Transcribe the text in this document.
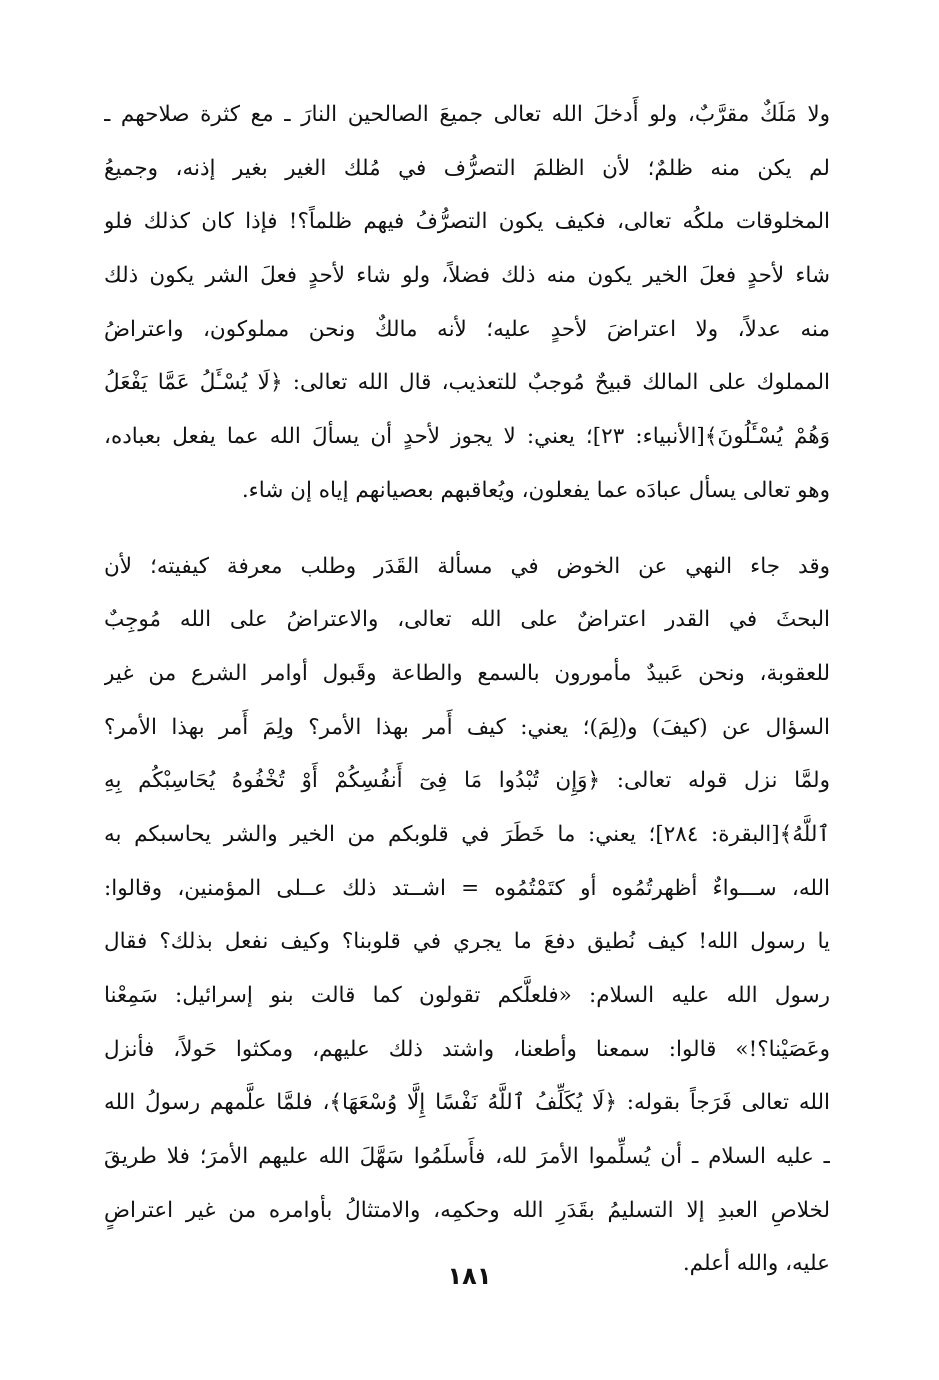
ولا مَلَكٌ مقرَّبٌ، ولو أَدخلَ الله تعالى جميعَ الصالحين النارَ ـ مع كثرة صلاحهم ـ
لم يكن منه ظلمٌ؛ لأن الظلمَ التصرُّف في مُلك الغير بغير إذنه، وجميعُ
المخلوقات ملكُه تعالى، فكيف يكون التصرُّفُ فيهم ظلماً؟! فإذا كان كذلك فلو
شاء لأحدٍ فعلَ الخير يكون منه ذلك فضلاً، ولو شاء لأحدٍ فعلَ الشر يكون ذلك
منه عدلاً، ولا اعتراضَ لأحدٍ عليه؛ لأنه مالكٌ ونحن مملوكون، واعتراضُ
المملوك على المالك قبيحٌ مُوجبٌ للتعذيب، قال الله تعالى: ﴿لَا يُسْـَٔلُ عَمَّا يَفْعَلُ
وَهُمْ يُسْـَٔلُونَ﴾[الأنبياء: ٢٣]؛ يعني: لا يجوز لأحدٍ أن يسألَ الله عما يفعل بعباده،
وهو تعالى يسأل عبادَه عما يفعلون، ويُعاقبهم بعصيانهم إياه إن شاء.
وقد جاء النهي عن الخوض في مسألة القَدَر وطلب معرفة كيفيته؛ لأن
البحثَ في القدر اعتراضٌ على الله تعالى، والاعتراضُ على الله مُوجِبٌ
للعقوبة، ونحن عَبيدٌ مأمورون بالسمع والطاعة وقَبول أوامر الشرع من غير
السؤال عن (كيفَ) و(لِمَ)؛ يعني: كيف أَمر بهذا الأمر؟ ولِمَ أَمر بهذا الأمر؟
ولمَّا نزل قوله تعالى: ﴿وَإِن تُبْدُوا مَا فِىٓ أَنفُسِكُمْ أَوْ تُخْفُوهُ يُحَاسِبْكُم بِهِ
ٱللَّهُ﴾[البقرة: ٢٨٤]؛ يعني: ما خَطَرَ في قلوبكم من الخير والشر يحاسبكم به
الله، ســـواءٌ أظهرتُمُوه أو كتَمْتُمُوه = اشــتد ذلك عــلى المؤمنين، وقالوا:
يا رسول الله! كيف نُطيق دفعَ ما يجري في قلوبنا؟ وكيف نفعل بذلك؟ فقال
رسول الله عليه السلام: «فلعلَّكم تقولون كما قالت بنو إسرائيل: سَمِعْنا
وعَصَيْنا؟!» قالوا: سمعنا وأطعنا، واشتد ذلك عليهم، ومكثوا حَولاً، فأنزل
الله تعالى فَرَجاً بقوله: ﴿لَا يُكَلِّفُ ٱللَّهُ نَفْسًا إِلَّا وُسْعَهَا﴾، فلمَّا علَّمهم رسولُ الله
ـ عليه السلام ـ أن يُسلِّموا الأمرَ لله، فأَسلَمُوا سَهَّلَ الله عليهم الأمرَ؛ فلا طريقَ
لخلاصِ العبدِ إلا التسليمُ بقَدَرِ الله وحكمِه، والامتثالُ بأوامره من غير اعتراضٍ
عليه، والله أعلم.
١٨١
